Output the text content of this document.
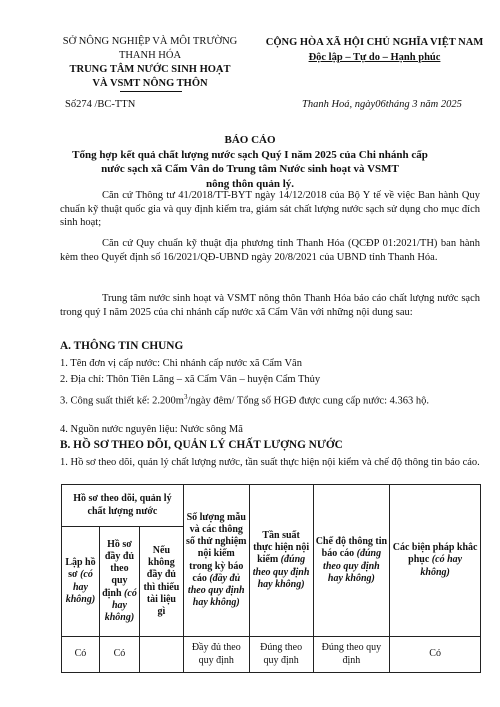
SỞ NÔNG NGHIỆP VÀ MÔI TRƯỜNG
THANH HÓA
TRUNG TÂM NƯỚC SINH HOẠT
VÀ VSMT NÔNG THÔN
CỘNG HÒA XÃ HỘI CHỦ NGHĨA VIỆT NAM
Độc lập – Tự do – Hạnh phúc
Số274 /BC-TTN	Thanh Hoá, ngày06tháng 3 năm 2025
BÁO CÁO
Tổng hợp kết quả chất lượng nước sạch Quý I năm 2025 của Chi nhánh cấp
nước sạch xã Cẩm Vân do Trung tâm Nước sinh hoạt và VSMT
nông thôn quản lý.
Căn cứ Thông tư 41/2018/TT-BYT ngày 14/12/2018 của Bộ Y tế về việc Ban hành Quy chuẩn kỹ thuật quốc gia và quy định kiểm tra, giám sát chất lượng nước sạch sử dụng cho mục đích sinh hoạt;
Căn cứ Quy chuẩn kỹ thuật địa phương tỉnh Thanh Hóa (QCĐP 01:2021/TH) ban hành kèm theo Quyết định số 16/2021/QĐ-UBND ngày 20/8/2021 của UBND tỉnh Thanh Hóa.
Trung tâm nước sinh hoạt và VSMT nông thôn Thanh Hóa báo cáo chất lượng nước sạch trong quý I năm 2025 của chi nhánh cấp nước xã Cẩm Vân với những nội dung sau:
A. THÔNG TIN CHUNG
1. Tên đơn vị cấp nước: Chi nhánh cấp nước xã Cẩm Vân
2. Địa chỉ: Thôn Tiên Lăng – xã Cẩm Vân – huyện Cẩm Thủy
3. Công suất thiết kế: $2.200m^3$/ngày đêm/ Tổng số HGĐ được cung cấp nước: 4.363 hộ.
4. Nguồn nước nguyên liệu: Nước sông Mã
B. HỒ SƠ THEO DÕI, QUẢN LÝ CHẤT LƯỢNG NƯỚC
1. Hồ sơ theo dõi, quản lý chất lượng nước, tần suất thực hiện nội kiểm và chế độ thông tin báo cáo.
Hồ sơ theo dõi, quản lý chất lượng nước			Số lượng mẫu và các thông số thử nghiệm nội kiểm trong kỳ báo cáo (đầy đủ theo quy định hay không)	Tần suất thực hiện nội kiểm (đúng theo quy định hay không)	Chế độ thông tin báo cáo (đúng theo quy định hay không)	Các biện pháp khắc phục (có hay không)
Lập hồ sơ (có hay không)	Hồ sơ đầy đủ theo quy định (có hay không)	Nếu không đầy đủ thì thiếu tài liệu gì				
Có	Có		Đầy đủ theo quy định	Đúng theo quy định	Đúng theo quy định	Có
